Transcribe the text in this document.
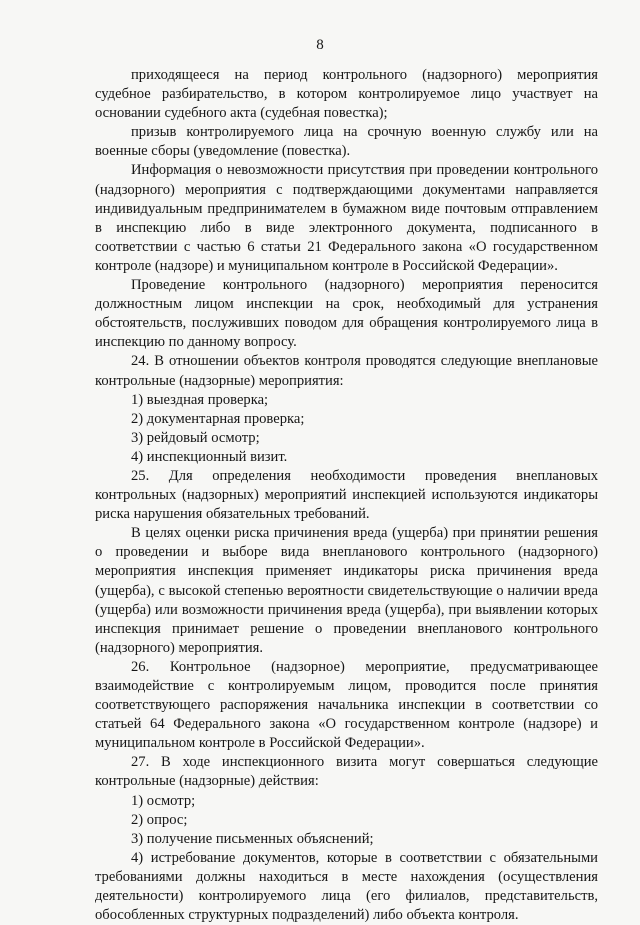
8

приходящееся на период контрольного (надзорного) мероприятия судебное разбирательство, в котором контролируемое лицо участвует на основании судебного акта (судебная повестка);

призыв контролируемого лица на срочную военную службу или на военные сборы (уведомление (повестка).

Информация о невозможности присутствия при проведении контрольного (надзорного) мероприятия с подтверждающими документами направляется индивидуальным предпринимателем в бумажном виде почтовым отправлением в инспекцию либо в виде электронного документа, подписанного в соответствии с частью 6 статьи 21 Федерального закона «О государственном контроле (надзоре) и муниципальном контроле в Российской Федерации».

Проведение контрольного (надзорного) мероприятия переносится должностным лицом инспекции на срок, необходимый для устранения обстоятельств, послуживших поводом для обращения контролируемого лица в инспекцию по данному вопросу.

24. В отношении объектов контроля проводятся следующие внеплановые контрольные (надзорные) мероприятия:

1) выездная проверка;

2) документарная проверка;

3) рейдовый осмотр;

4) инспекционный визит.

25. Для определения необходимости проведения внеплановых контрольных (надзорных) мероприятий инспекцией используются индикаторы риска нарушения обязательных требований.

В целях оценки риска причинения вреда (ущерба) при принятии решения о проведении и выборе вида внепланового контрольного (надзорного) мероприятия инспекция применяет индикаторы риска причинения вреда (ущерба), с высокой степенью вероятности свидетельствующие о наличии вреда (ущерба) или возможности причинения вреда (ущерба), при выявлении которых инспекция принимает решение о проведении внепланового контрольного (надзорного) мероприятия.

26. Контрольное (надзорное) мероприятие, предусматривающее взаимодействие с контролируемым лицом, проводится после принятия соответствующего распоряжения начальника инспекции в соответствии со статьей 64 Федерального закона «О государственном контроле (надзоре) и муниципальном контроле в Российской Федерации».

27. В ходе инспекционного визита могут совершаться следующие контрольные (надзорные) действия:

1) осмотр;

2) опрос;

3) получение письменных объяснений;

4) истребование документов, которые в соответствии с обязательными требованиями должны находиться в месте нахождения (осуществления деятельности) контролируемого лица (его филиалов, представительств, обособленных структурных подразделений) либо объекта контроля.
